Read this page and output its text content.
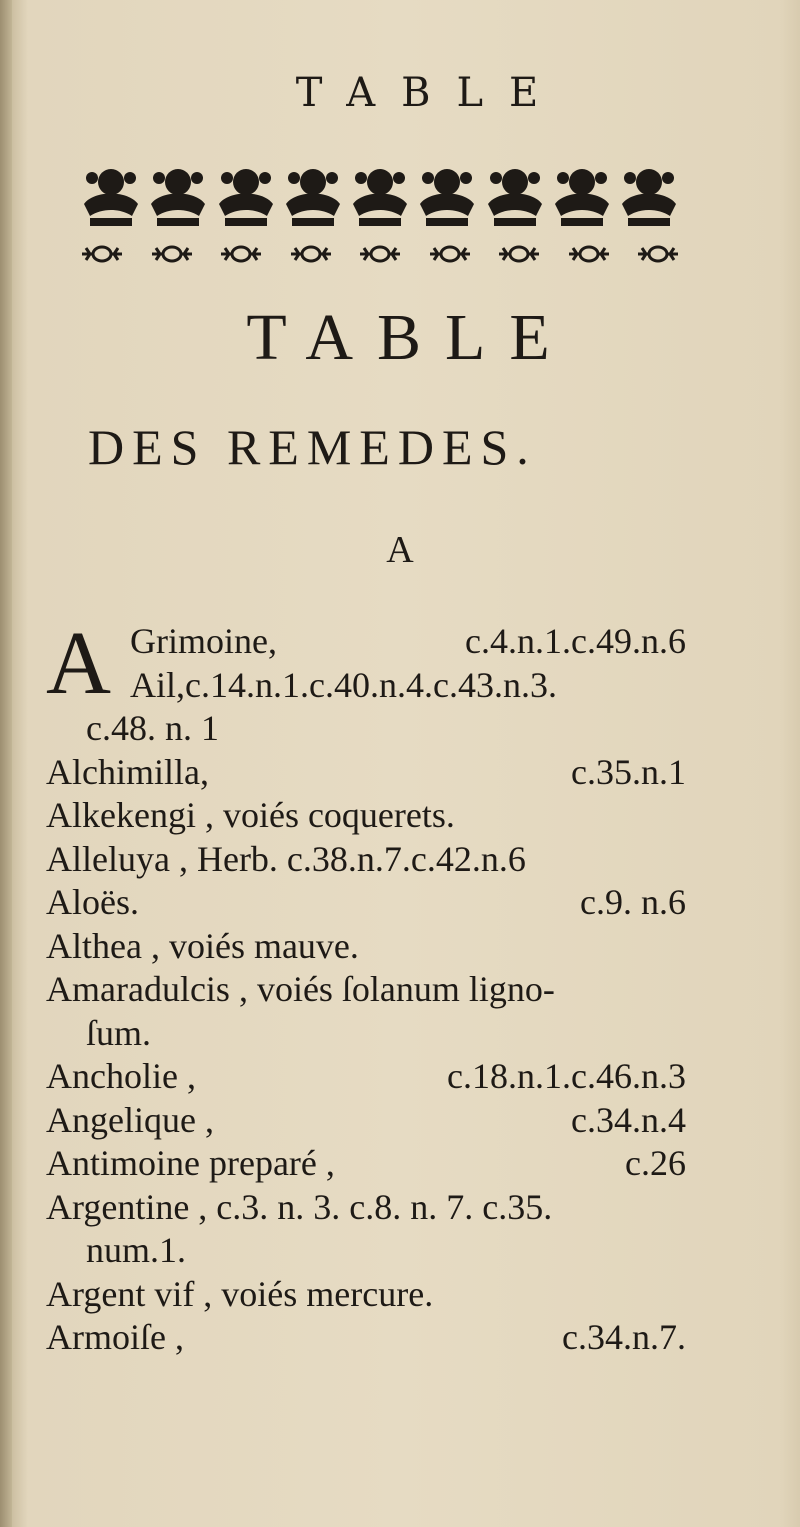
TABLE
TABLE
DES REMEDES.
A
A Grimoine,	c.4.n.1.c.49.n.6
Ail,c.14.n.1.c.40.n.4.c.43.n.3.
c.48. n. 1
Alchimilla,	c.35.n.1
Alkekengi , voiés coquerets.
Alleluya , Herb. c.38.n.7.c.42.n.6
Aloës.	c.9. n.6
Althea , voiés mauve.
Amaradulcis , voiés ſolanum ligno-
ſum.
Ancholie ,	c.18.n.1.c.46.n.3
Angelique ,	c.34.n.4
Antimoine preparé ,	c.26
Argentine , c.3. n. 3. c.8. n. 7. c.35.
num.1.
Argent vif , voiés mercure.
Armoiſe ,	c.34.n.7.
